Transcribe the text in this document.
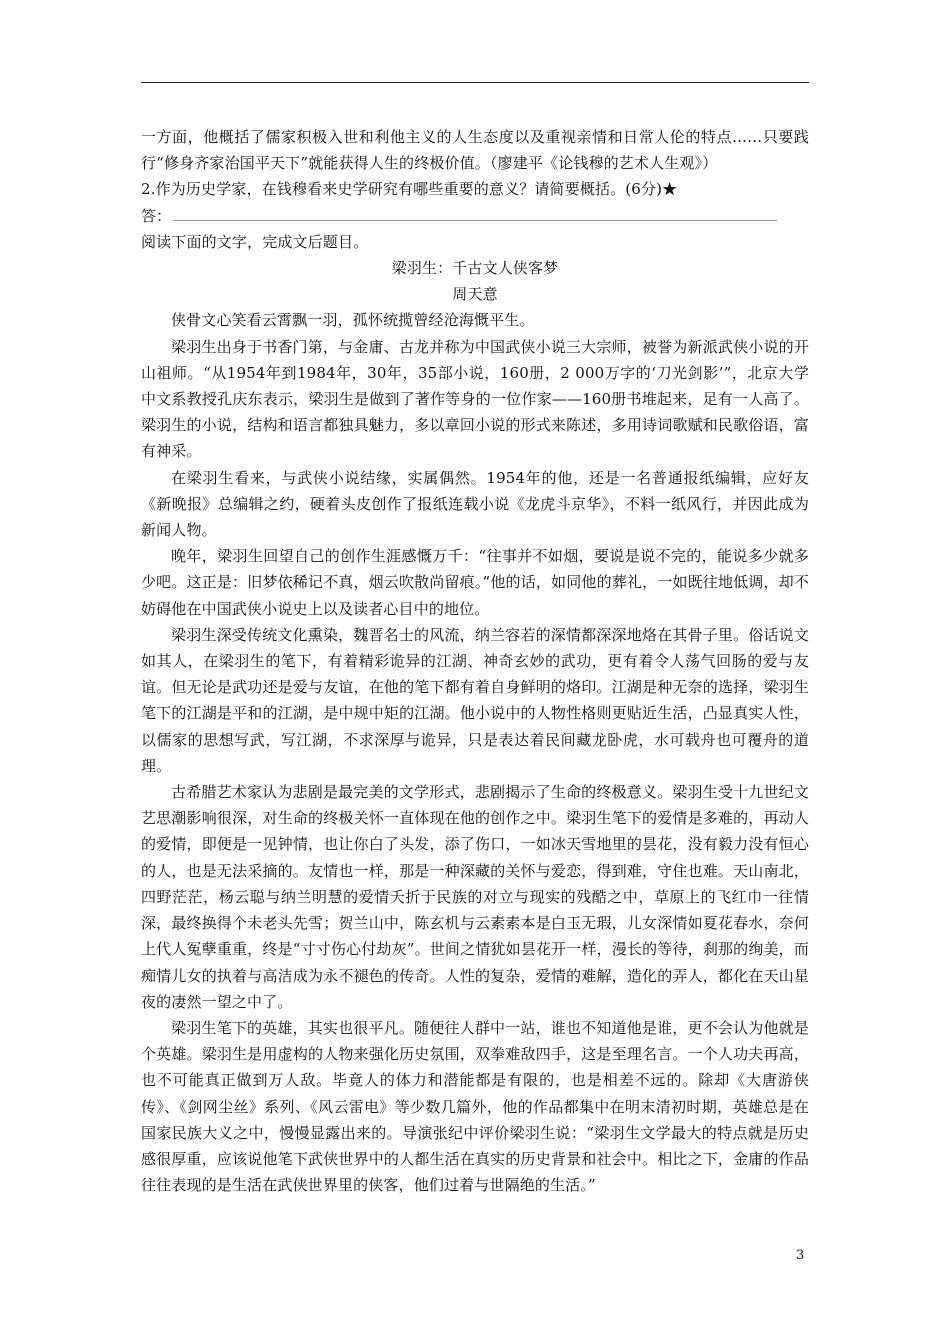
一方面，他概括了儒家积极入世和利他主义的人生态度以及重视亲情和日常人伦的特点……只要践行“修身齐家治国平天下”就能获得人生的终极价值。（廖建平《论钱穆的艺术人生观》）

2.作为历史学家，在钱穆看来史学研究有哪些重要的意义？请简要概括。(6分)★

答：

阅读下面的文字，完成文后题目。

梁羽生：千古文人侠客梦

周天意

侠骨文心笑看云霄飘一羽，孤怀统揽曾经沧海慨平生。

梁羽生出身于书香门第，与金庸、古龙并称为中国武侠小说三大宗师，被誉为新派武侠小说的开山祖师。“从1954年到1984年，30年，35部小说，160册，2 000万字的‘刀光剑影’”，北京大学中文系教授孔庆东表示，梁羽生是做到了著作等身的一位作家——160册书堆起来，足有一人高了。梁羽生的小说，结构和语言都独具魅力，多以章回小说的形式来陈述，多用诗词歌赋和民歌俗语，富有神采。

在梁羽生看来，与武侠小说结缘，实属偶然。1954年的他，还是一名普通报纸编辑，应好友《新晚报》总编辑之约，硬着头皮创作了报纸连载小说《龙虎斗京华》，不料一纸风行，并因此成为新闻人物。

晚年，梁羽生回望自己的创作生涯感慨万千：“往事并不如烟，要说是说不完的，能说多少就多少吧。这正是：旧梦依稀记不真，烟云吹散尚留痕。”他的话，如同他的葬礼，一如既往地低调，却不妨碍他在中国武侠小说史上以及读者心目中的地位。

梁羽生深受传统文化熏染，魏晋名士的风流，纳兰容若的深情都深深地烙在其骨子里。俗话说文如其人，在梁羽生的笔下，有着精彩诡异的江湖、神奇玄妙的武功，更有着令人荡气回肠的爱与友谊。但无论是武功还是爱与友谊，在他的笔下都有着自身鲜明的烙印。江湖是种无奈的选择，梁羽生笔下的江湖是平和的江湖，是中规中矩的江湖。他小说中的人物性格则更贴近生活，凸显真实人性，以儒家的思想写武，写江湖，不求深厚与诡异，只是表达着民间藏龙卧虎，水可载舟也可覆舟的道理。

古希腊艺术家认为悲剧是最完美的文学形式，悲剧揭示了生命的终极意义。梁羽生受十九世纪文艺思潮影响很深，对生命的终极关怀一直体现在他的创作之中。梁羽生笔下的爱情是多难的，再动人的爱情，即便是一见钟情，也让你白了头发，添了伤口，一如冰天雪地里的昙花，没有毅力没有恒心的人，也是无法采摘的。友情也一样，那是一种深藏的关怀与爱恋，得到难，守住也难。天山南北，四野茫茫，杨云聪与纳兰明慧的爱情夭折于民族的对立与现实的残酷之中，草原上的飞红巾一往情深，最终换得个未老头先雪；贺兰山中，陈玄机与云素素本是白玉无瑕，儿女深情如夏花春水，奈何上代人冤孽重重，终是“寸寸伤心付劫灰”。世间之情犹如昙花开一样，漫长的等待，刹那的绚美，而痴情儿女的执着与高洁成为永不褪色的传奇。人性的复杂，爱情的难解，造化的弄人，都化在天山星夜的凄然一望之中了。

梁羽生笔下的英雄，其实也很平凡。随便往人群中一站，谁也不知道他是谁，更不会认为他就是个英雄。梁羽生是用虚构的人物来强化历史氛围，双拳难敌四手，这是至理名言。一个人功夫再高，也不可能真正做到万人敌。毕竟人的体力和潜能都是有限的，也是相差不远的。除却《大唐游侠传》、《剑网尘丝》系列、《风云雷电》等少数几篇外，他的作品都集中在明末清初时期，英雄总是在国家民族大义之中，慢慢显露出来的。导演张纪中评价梁羽生说：“梁羽生文学最大的特点就是历史感很厚重，应该说他笔下武侠世界中的人都生活在真实的历史背景和社会中。相比之下，金庸的作品往往表现的是生活在武侠世界里的侠客，他们过着与世隔绝的生活。”

3
